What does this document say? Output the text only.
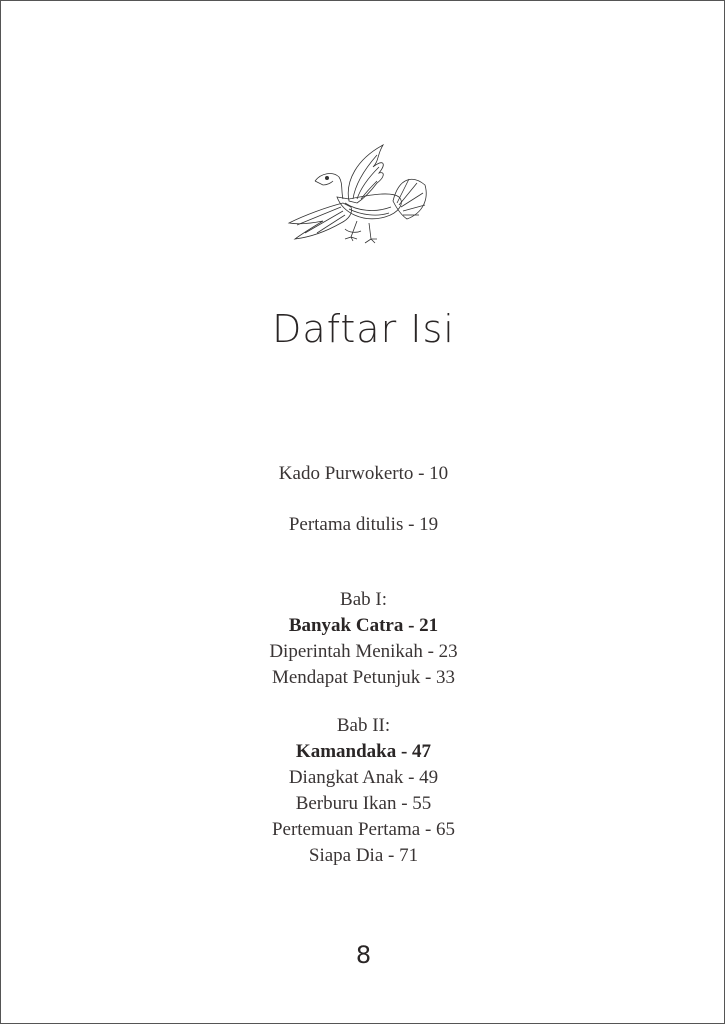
Daftar Isi
Kado Purwokerto - 10
Pertama ditulis - 19
Bab I:
Banyak Catra - 21
Diperintah Menikah - 23
Mendapat Petunjuk - 33
Bab II:
Kamandaka - 47
Diangkat Anak - 49
Berburu Ikan - 55
Pertemuan Pertama - 65
Siapa Dia - 71
8
